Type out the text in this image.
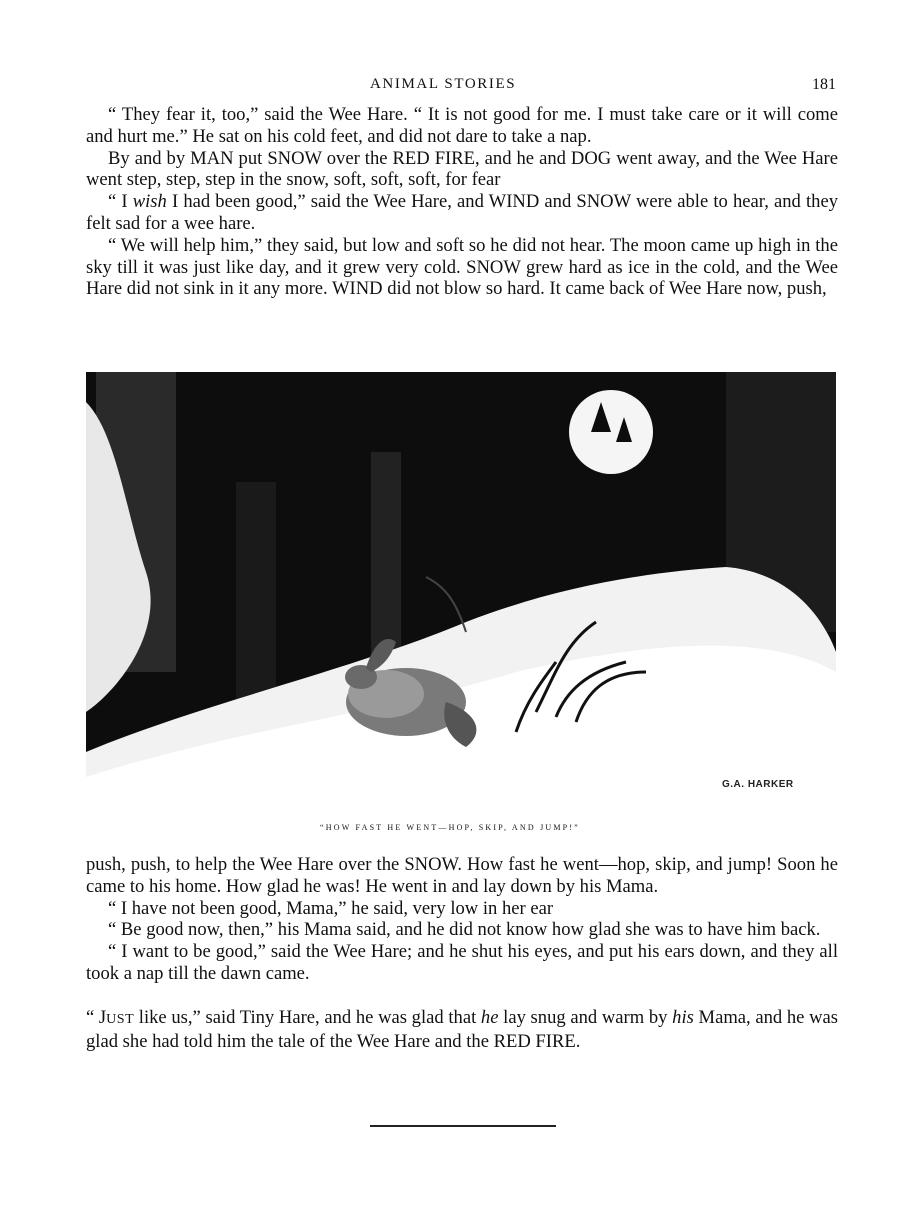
ANIMAL STORIES	181

“ They fear it, too,” said the Wee Hare. “ It is not good for me. I must take care or it will come and hurt me.” He sat on his cold feet, and did not dare to take a nap.

By and by MAN put SNOW over the RED FIRE, and he and DOG went away, and the Wee Hare went step, step, step in the snow, soft, soft, soft, for fear

“ I wish I had been good,” said the Wee Hare, and WIND and SNOW were able to hear, and they felt sad for a wee hare.

“ We will help him,” they said, but low and soft so he did not hear. The moon came up high in the sky till it was just like day, and it grew very cold. SNOW grew hard as ice in the cold, and the Wee Hare did not sink in it any more. WIND did not blow so hard. It came back of Wee Hare now, push,

G.A. HARKER
“HOW FAST HE WENT—HOP, SKIP, AND JUMP!”

push, push, to help the Wee Hare over the SNOW. How fast he went—hop, skip, and jump! Soon he came to his home. How glad he was! He went in and lay down by his Mama.

“ I have not been good, Mama,” he said, very low in her ear

“ Be good now, then,” his Mama said, and he did not know how glad she was to have him back.

“ I want to be good,” said the Wee Hare; and he shut his eyes, and put his ears down, and they all took a nap till the dawn came.

“ JUST like us,” said Tiny Hare, and he was glad that he lay snug and warm by his Mama, and he was glad she had told him the tale of the Wee Hare and the RED FIRE.
